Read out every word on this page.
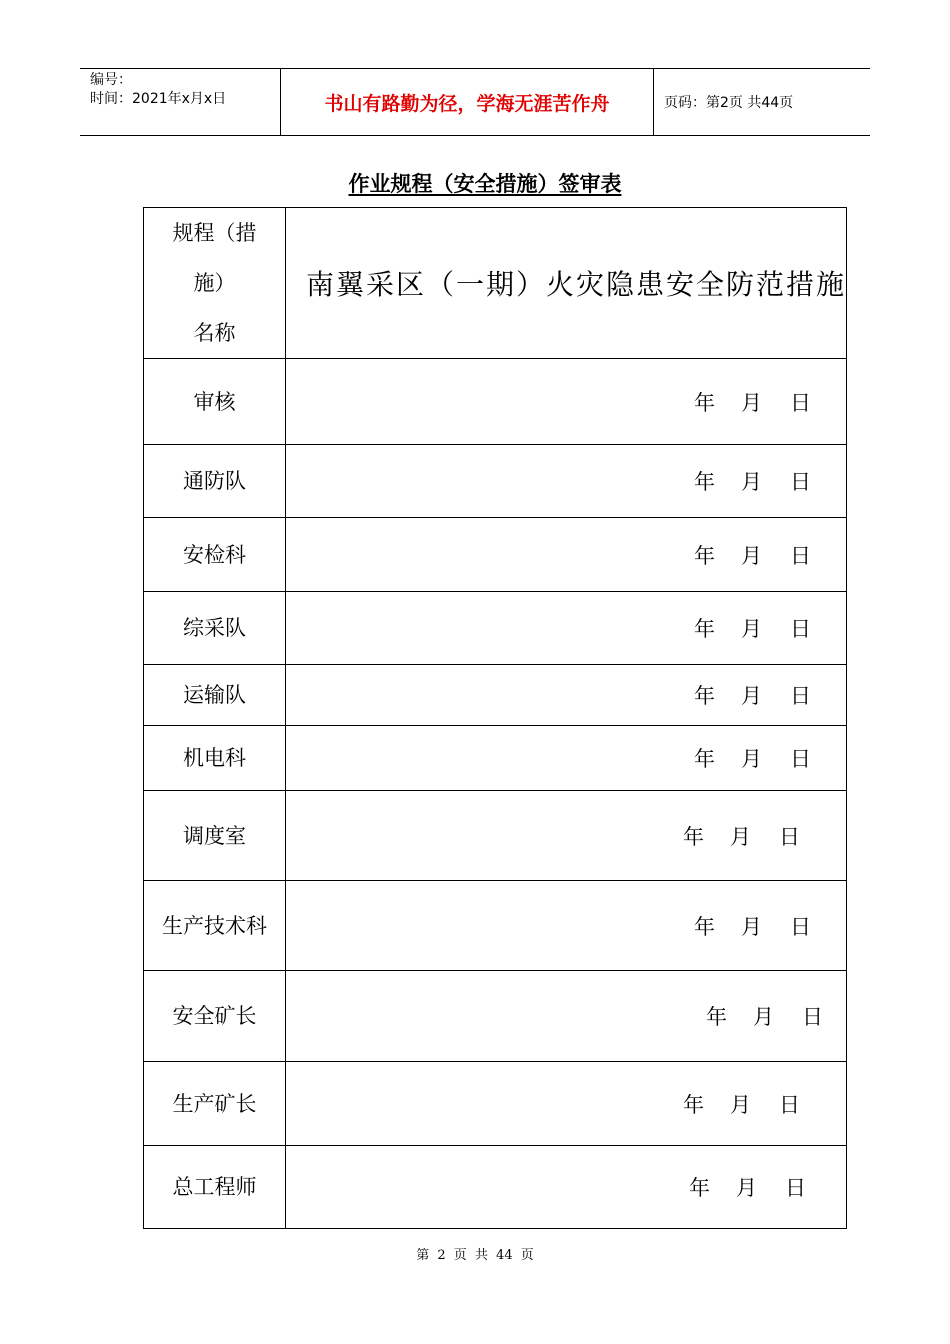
编号：
时间：2021年x月x日	书山有路勤为径，学海无涯苦作舟	页码：第2页 共44页
作业规程（安全措施）签审表
规程（措
施）
名称	南翼采区（一期）火灾隐患安全防范措施
审核	年 月 日

通防队	年 月 日

安检科	年 月 日

综采队	年 月 日

运输队	年 月 日

机电科	年 月 日

调度室	年 月 日

生产技术科	年 月 日

安全矿长	年 月 日

生产矿长	年 月 日

总工程师	年 月 日
第 2 页 共 44 页
